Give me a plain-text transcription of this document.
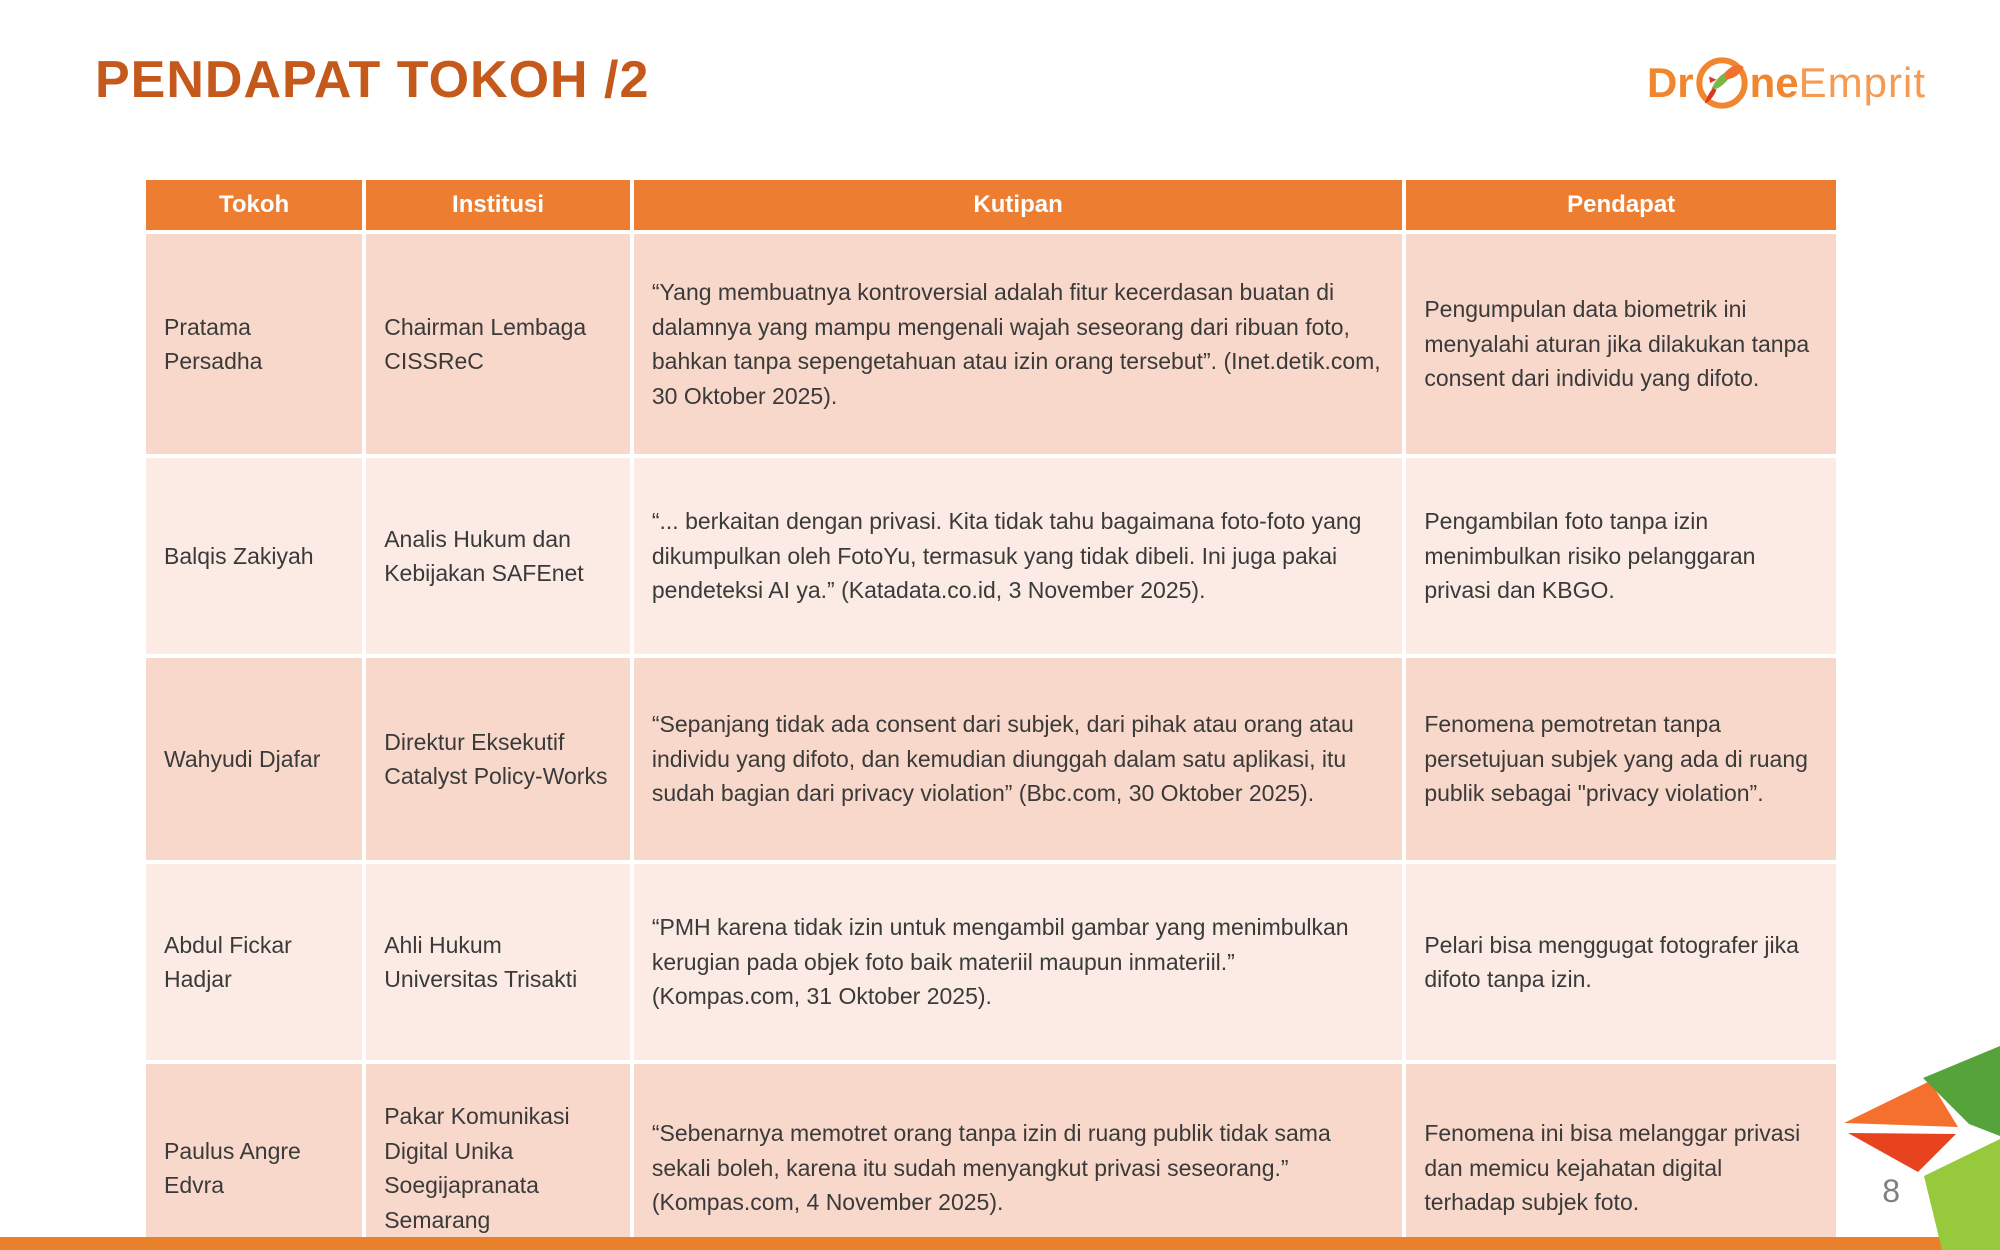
PENDAPAT TOKOH /2	Dr ne Emprit
Tokoh	Institusi	Kutipan	Pendapat
Pratama Persadha	Chairman Lembaga CISSReC	“Yang membuatnya kontroversial adalah fitur kecerdasan buatan di dalamnya yang mampu mengenali wajah seseorang dari ribuan foto, bahkan tanpa sepengetahuan atau izin orang tersebut”. (Inet.detik.com, 30 Oktober 2025).	Pengumpulan data biometrik ini menyalahi aturan jika dilakukan tanpa consent dari individu yang difoto.
Balqis Zakiyah	Analis Hukum dan Kebijakan SAFEnet	“... berkaitan dengan privasi. Kita tidak tahu bagaimana foto-foto yang dikumpulkan oleh FotoYu, termasuk yang tidak dibeli. Ini juga pakai pendeteksi AI ya.” (Katadata.co.id, 3 November 2025).	Pengambilan foto tanpa izin menimbulkan risiko pelanggaran privasi dan KBGO.
Wahyudi Djafar	Direktur Eksekutif Catalyst Policy-Works	“Sepanjang tidak ada consent dari subjek, dari pihak atau orang atau individu yang difoto, dan kemudian diunggah dalam satu aplikasi, itu sudah bagian dari privacy violation” (Bbc.com, 30 Oktober 2025).	Fenomena pemotretan tanpa persetujuan subjek yang ada di ruang publik sebagai "privacy violation”.
Abdul Fickar Hadjar	Ahli Hukum Universitas Trisakti	“PMH karena tidak izin untuk mengambil gambar yang menimbulkan kerugian pada objek foto baik materiil maupun inmateriil.” (Kompas.com, 31 Oktober 2025).	Pelari bisa menggugat fotografer jika difoto tanpa izin.
Paulus Angre Edvra	Pakar Komunikasi Digital Unika Soegijapranata Semarang	“Sebenarnya memotret orang tanpa izin di ruang publik tidak sama sekali boleh, karena itu sudah menyangkut privasi seseorang.” (Kompas.com, 4 November 2025).	Fenomena ini bisa melanggar privasi dan memicu kejahatan digital terhadap subjek foto.	8
